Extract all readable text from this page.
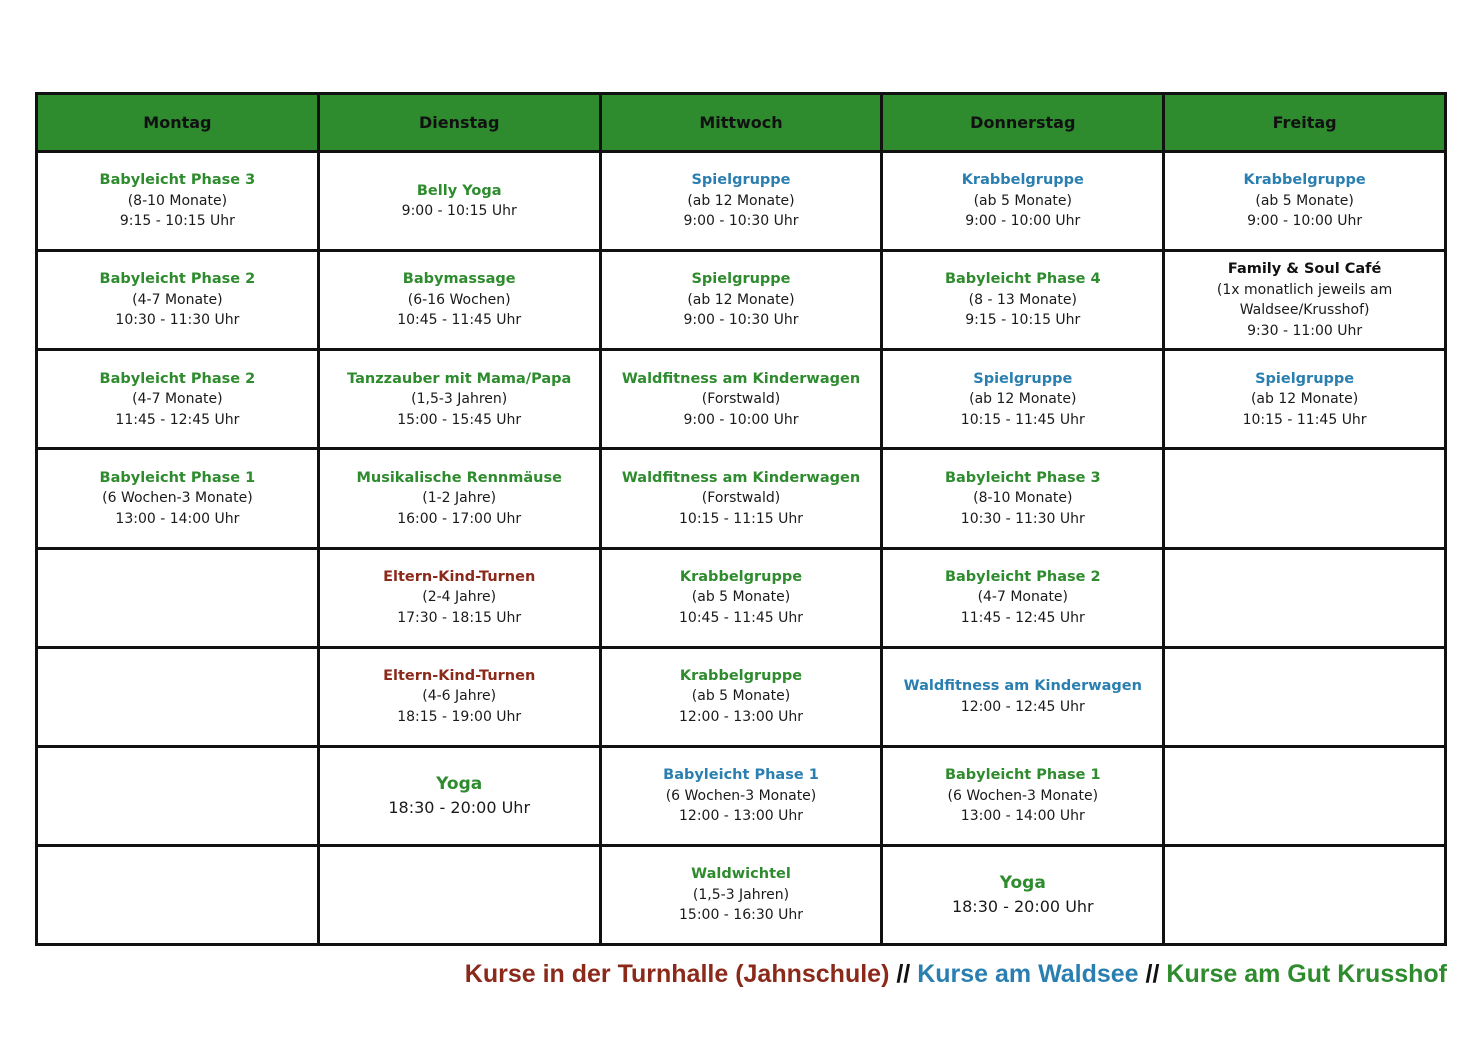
Montag	Dienstag	Mittwoch	Donnerstag	Freitag

Babyleicht Phase 3
(8-10 Monate)
9:15 - 10:15 Uhr	Belly Yoga
9:00 - 10:15 Uhr	Spielgruppe
(ab 12 Monate)
9:00 - 10:30 Uhr	Krabbelgruppe
(ab 5 Monate)
9:00 - 10:00 Uhr	Krabbelgruppe
(ab 5 Monate)
9:00 - 10:00 Uhr

Babyleicht Phase 2
(4-7 Monate)
10:30 - 11:30 Uhr	Babymassage
(6-16 Wochen)
10:45 - 11:45 Uhr	Spielgruppe
(ab 12 Monate)
9:00 - 10:30 Uhr	Babyleicht Phase 4
(8 - 13 Monate)
9:15 - 10:15 Uhr	Family & Soul Café
(1x monatlich jeweils am
Waldsee/Krusshof)
9:30 - 11:00 Uhr

Babyleicht Phase 2
(4-7 Monate)
11:45 - 12:45 Uhr	Tanzzauber mit Mama/Papa
(1,5-3 Jahren)
15:00 - 15:45 Uhr	Waldfitness am Kinderwagen
(Forstwald)
9:00 - 10:00 Uhr	Spielgruppe
(ab 12 Monate)
10:15 - 11:45 Uhr	Spielgruppe
(ab 12 Monate)
10:15 - 11:45 Uhr

Babyleicht Phase 1
(6 Wochen-3 Monate)
13:00 - 14:00 Uhr	Musikalische Rennmäuse
(1-2 Jahre)
16:00 - 17:00 Uhr	Waldfitness am Kinderwagen
(Forstwald)
10:15 - 11:15 Uhr	Babyleicht Phase 3
(8-10 Monate)
10:30 - 11:30 Uhr	

	Eltern-Kind-Turnen
(2-4 Jahre)
17:30 - 18:15 Uhr	Krabbelgruppe
(ab 5 Monate)
10:45 - 11:45 Uhr	Babyleicht Phase 2
(4-7 Monate)
11:45 - 12:45 Uhr	

	Eltern-Kind-Turnen
(4-6 Jahre)
18:15 - 19:00 Uhr	Krabbelgruppe
(ab 5 Monate)
12:00 - 13:00 Uhr	Waldfitness am Kinderwagen
12:00 - 12:45 Uhr	

	Yoga
18:30 - 20:00 Uhr	Babyleicht Phase 1
(6 Wochen-3 Monate)
12:00 - 13:00 Uhr	Babyleicht Phase 1
(6 Wochen-3 Monate)
13:00 - 14:00 Uhr	

		Waldwichtel
(1,5-3 Jahren)
15:00 - 16:30 Uhr	Yoga
18:30 - 20:00 Uhr	

Kurse in der Turnhalle (Jahnschule) // Kurse am Waldsee // Kurse am Gut Krusshof
